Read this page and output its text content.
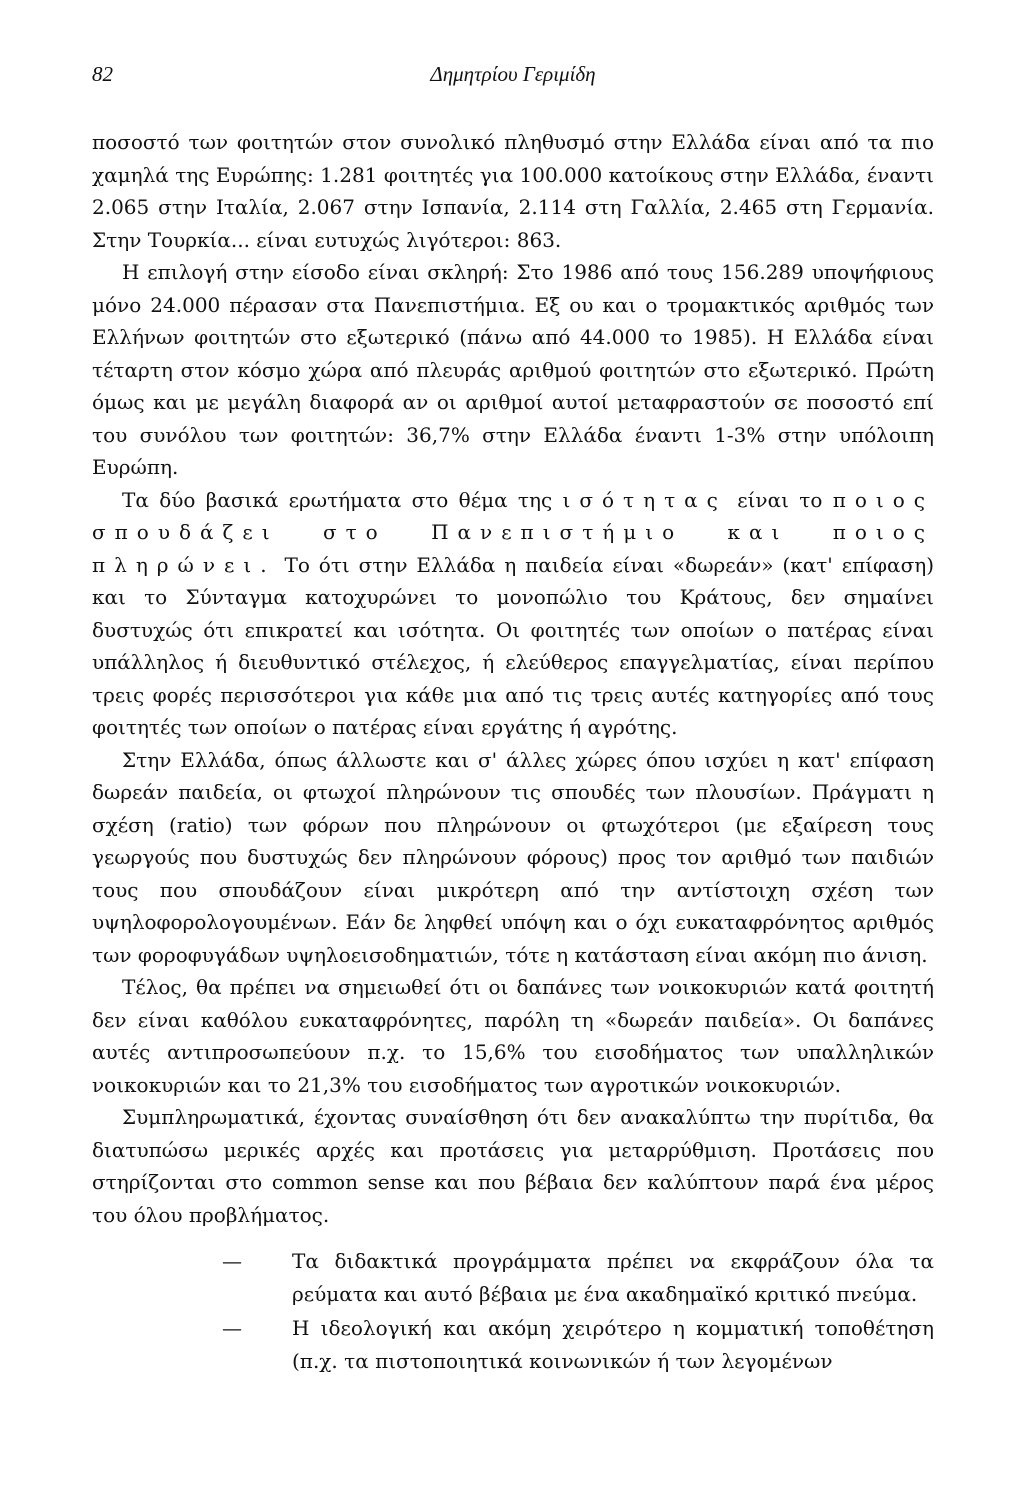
82	Δημητρίου Γεριμίδη

ποσοστό των φοιτητών στον συνολικό πληθυσμό στην Ελλάδα είναι από τα πιο χαμηλά της Ευρώπης: 1.281 φοιτητές για 100.000 κατοίκους στην Ελλάδα, έναντι 2.065 στην Ιταλία, 2.067 στην Ισπανία, 2.114 στη Γαλλία, 2.465 στη Γερμανία. Στην Τουρκία... είναι ευτυχώς λιγότεροι: 863.

Η επιλογή στην είσοδο είναι σκληρή: Στο 1986 από τους 156.289 υποψήφιους μόνο 24.000 πέρασαν στα Πανεπιστήμια. Εξ ου και ο τρομακτικός αριθμός των Ελλήνων φοιτητών στο εξωτερικό (πάνω από 44.000 το 1985). Η Ελλάδα είναι τέταρτη στον κόσμο χώρα από πλευράς αριθμού φοιτητών στο εξωτερικό. Πρώτη όμως και με μεγάλη διαφορά αν οι αριθμοί αυτοί μεταφραστούν σε ποσοστό επί του συνόλου των φοιτητών: 36,7% στην Ελλάδα έναντι 1-3% στην υπόλοιπη Ευρώπη.

Τα δύο βασικά ερωτήματα στο θέμα της ισότητας είναι το ποιος σπουδάζει στο Πανεπιστήμιο και ποιος πληρώνει. Το ότι στην Ελλάδα η παιδεία είναι «δωρεάν» (κατ' επίφαση) και το Σύνταγμα κατοχυρώνει το μονοπώλιο του Κράτους, δεν σημαίνει δυστυχώς ότι επικρατεί και ισότητα. Οι φοιτητές των οποίων ο πατέρας είναι υπάλληλος ή διευθυντικό στέλεχος, ή ελεύθερος επαγγελματίας, είναι περίπου τρεις φορές περισσότεροι για κάθε μια από τις τρεις αυτές κατηγορίες από τους φοιτητές των οποίων ο πατέρας είναι εργάτης ή αγρότης.

Στην Ελλάδα, όπως άλλωστε και σ' άλλες χώρες όπου ισχύει η κατ' επίφαση δωρεάν παιδεία, οι φτωχοί πληρώνουν τις σπουδές των πλουσίων. Πράγματι η σχέση (ratio) των φόρων που πληρώνουν οι φτωχότεροι (με εξαίρεση τους γεωργούς που δυστυχώς δεν πληρώνουν φόρους) προς τον αριθμό των παιδιών τους που σπουδάζουν είναι μικρότερη από την αντίστοιχη σχέση των υψηλοφορολογουμένων. Εάν δε ληφθεί υπόψη και ο όχι ευκαταφρόνητος αριθμός των φοροφυγάδων υψηλοεισοδηματιών, τότε η κατάσταση είναι ακόμη πιο άνιση.

Τέλος, θα πρέπει να σημειωθεί ότι οι δαπάνες των νοικοκυριών κατά φοιτητή δεν είναι καθόλου ευκαταφρόνητες, παρόλη τη «δωρεάν παιδεία». Οι δαπάνες αυτές αντιπροσωπεύουν π.χ. το 15,6% του εισοδήματος των υπαλληλικών νοικοκυριών και το 21,3% του εισοδήματος των αγροτικών νοικοκυριών.

Συμπληρωματικά, έχοντας συναίσθηση ότι δεν ανακαλύπτω την πυρίτιδα, θα διατυπώσω μερικές αρχές και προτάσεις για μεταρρύθμιση. Προτάσεις που στηρίζονται στο common sense και που βέβαια δεν καλύπτουν παρά ένα μέρος του όλου προβλήματος.

—	Τα διδακτικά προγράμματα πρέπει να εκφράζουν όλα τα ρεύματα και αυτό βέβαια με ένα ακαδημαϊκό κριτικό πνεύμα.
—	Η ιδεολογική και ακόμη χειρότερο η κομματική τοποθέτηση (π.χ. τα πιστοποιητικά κοινωνικών ή των λεγομένων
